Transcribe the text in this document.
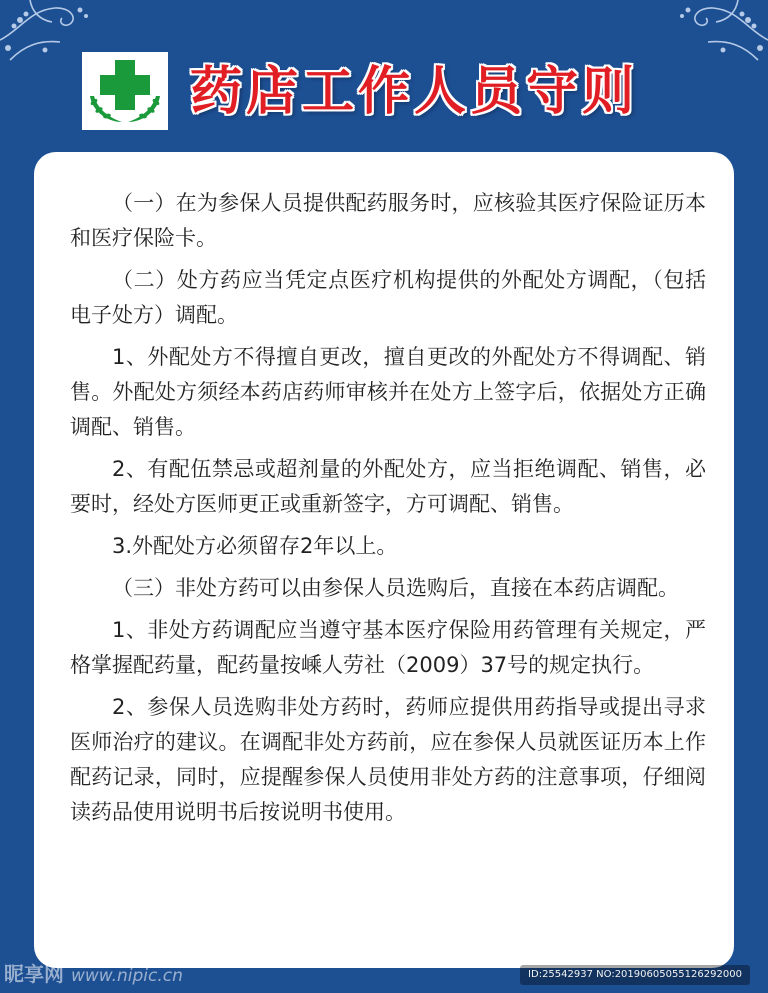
药店工作人员守则

（一）在为参保人员提供配药服务时，应核验其医疗保险证历本和医疗保险卡。

（二）处方药应当凭定点医疗机构提供的外配处方调配，（包括电子处方）调配。

1、外配处方不得擅自更改，擅自更改的外配处方不得调配、销售。外配处方须经本药店药师审核并在处方上签字后，依据处方正确调配、销售。

2、有配伍禁忌或超剂量的外配处方，应当拒绝调配、销售，必要时，经处方医师更正或重新签字，方可调配、销售。

3.外配处方必须留存2年以上。

（三）非处方药可以由参保人员选购后，直接在本药店调配。

1、非处方药调配应当遵守基本医疗保险用药管理有关规定，严格掌握配药量，配药量按嵊人劳社（2009）37号的规定执行。

2、参保人员选购非处方药时，药师应提供用药指导或提出寻求医师治疗的建议。在调配非处方药前，应在参保人员就医证历本上作配药记录，同时，应提醒参保人员使用非处方药的注意事项，仔细阅读药品使用说明书后按说明书使用。

昵享网 www.nipic.cn	ID:25542937 NO:20190605055126292000
